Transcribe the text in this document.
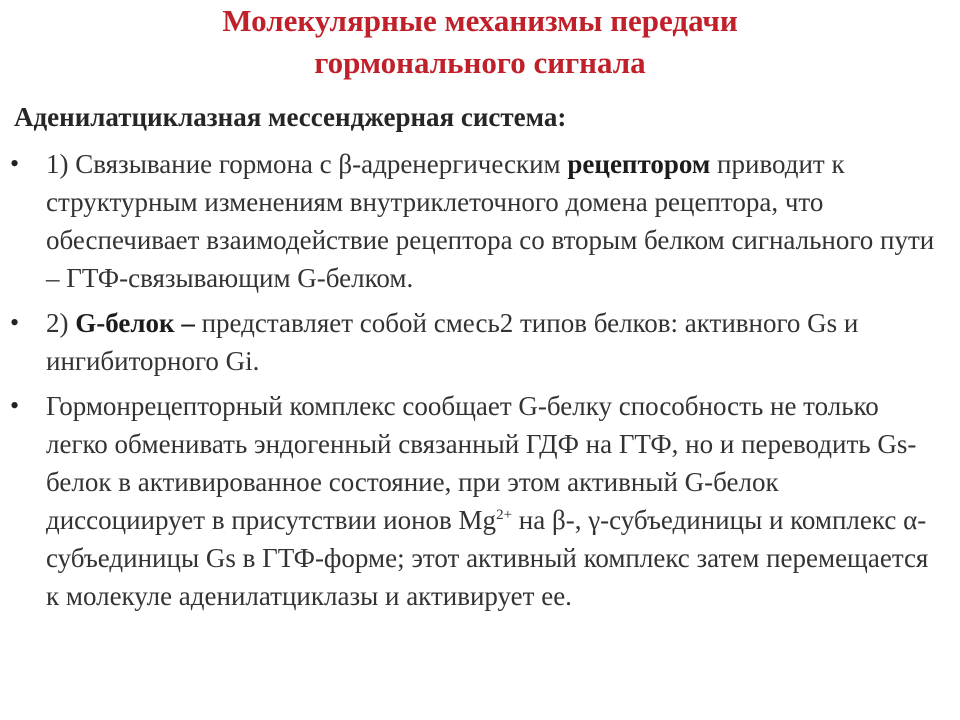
Молекулярные механизмы передачи
гормонального сигнала
Аденилатциклазная мессенджерная система:
• 1) Связывание гормона с β-адренергическим рецептором приводит к структурным изменениям внутриклеточного домена рецептора, что обеспечивает взаимодействие рецептора со вторым белком сигнального пути – ГТФ-связывающим G-белком.
• 2) G-белок – представляет собой смесь2 типов белков: активного Gs и ингибиторного Gi.
• Гормонрецепторный комплекс сообщает G-белку способность не только легко обменивать эндогенный связанный ГДФ на ГТФ, но и переводить Gs-белок в активированное состояние, при этом активный G-белок диссоциирует в присутствии ионов $Mg^{2+}$ на β-, γ-субъединицы и комплекс α-субъединицы Gs в ГТФ-форме; этот активный комплекс затем перемещается к молекуле аденилатциклазы и активирует ее.
